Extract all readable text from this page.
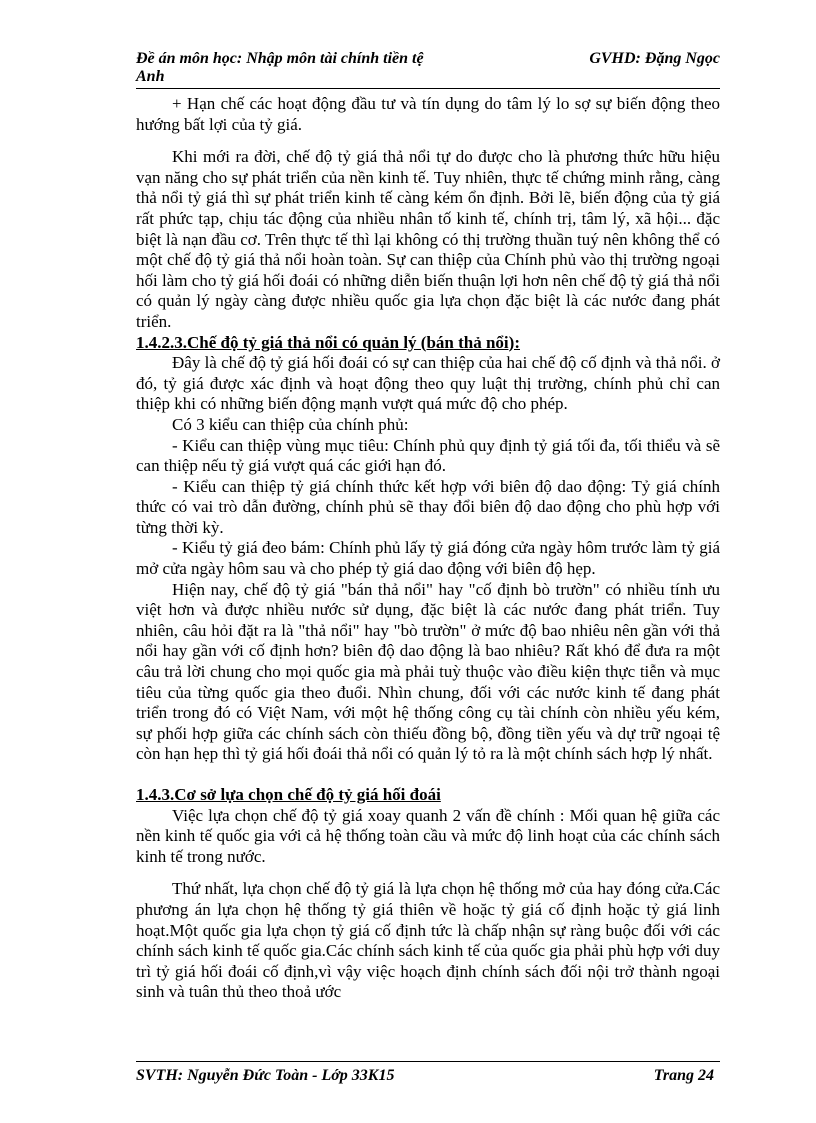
Đề án môn học: Nhập môn tài chính tiền tệ
Anh
GVHD: Đặng Ngọc

+ Hạn chế các hoạt động đầu tư và tín dụng do tâm lý lo sợ sự biến động theo hướng bất lợi của tỷ giá.

Khi mới ra đời, chế độ tỷ giá thả nổi tự do được cho là phương thức hữu hiệu vạn năng cho sự phát triển của nền kinh tế. Tuy nhiên, thực tế chứng minh rằng, càng thả nổi tỷ giá thì sự phát triển kinh tế càng kém ổn định. Bởi lẽ, biến động của tỷ giá rất phức tạp, chịu tác động của nhiều nhân tố kinh tế, chính trị, tâm lý, xã hội... đặc biệt là nạn đầu cơ. Trên thực tế thì lại không có thị trường thuần tuý nên không thể có một chế độ tỷ giá thả nổi hoàn toàn. Sự can thiệp của Chính phủ vào thị trường ngoại hối làm cho tỷ giá hối đoái có những diễn biến thuận lợi hơn nên chế độ tỷ giá thả nổi có quản lý ngày càng được nhiều quốc gia lựa chọn đặc biệt là các nước đang phát triển.

1.4.2.3.Chế độ tỷ giá thả nổi có quản lý (bán thả nổi):

Đây là chế độ tỷ giá hối đoái có sự can thiệp của hai chế độ cố định và thả nổi. ở đó, tỷ giá được xác định và hoạt động theo quy luật thị trường, chính phủ chỉ can thiệp khi có những biến động mạnh vượt quá mức độ cho phép.

Có 3 kiểu can thiệp của chính phủ:

- Kiểu can thiệp vùng mục tiêu: Chính phủ quy định tỷ giá tối đa, tối thiểu và sẽ can thiệp nếu tỷ giá vượt quá các giới hạn đó.

- Kiểu can thiệp tỷ giá chính thức kết hợp với biên độ dao động: Tỷ giá chính thức có vai trò dẫn đường, chính phủ sẽ thay đổi biên độ dao động cho phù hợp với từng thời kỳ.

- Kiểu tỷ giá đeo bám: Chính phủ lấy tỷ giá đóng cửa ngày hôm trước làm tỷ giá mở cửa ngày hôm sau và cho phép tỷ giá dao động với biên độ hẹp.

Hiện nay, chế độ tỷ giá "bán thả nổi" hay "cố định bò trườn" có nhiều tính ưu việt hơn và được nhiều nước sử dụng, đặc biệt là các nước đang phát triển. Tuy nhiên, câu hỏi đặt ra là "thả nổi" hay "bò trườn" ở mức độ bao nhiêu nên gần với thả nổi hay gần với cố định hơn? biên độ dao động là bao nhiêu? Rất khó để đưa ra một câu trả lời chung cho mọi quốc gia mà phải tuỳ thuộc vào điều kiện thực tiễn và mục tiêu của từng quốc gia theo đuổi. Nhìn chung, đối với các nước kinh tế đang phát triển trong đó có Việt Nam, với một hệ thống công cụ tài chính còn nhiều yếu kém, sự phối hợp giữa các chính sách còn thiếu đồng bộ, đồng tiền yếu và dự trữ ngoại tệ còn hạn hẹp thì tỷ giá hối đoái thả nổi có quản lý tỏ ra là một chính sách hợp lý nhất.

1.4.3.Cơ sở lựa chọn chế độ tỷ giá hối đoái

Việc lựa chọn chế độ tỷ giá xoay quanh 2 vấn đề chính : Mối quan hệ giữa các nền kinh tế quốc gia với cả hệ thống toàn cầu và mức độ linh hoạt của các chính sách kinh tế trong nước.

Thứ nhất, lựa chọn chế độ tỷ giá là lựa chọn hệ thống mở của hay đóng cửa.Các phương án lựa chọn hệ thống tỷ giá thiên về hoặc tỷ giá cố định hoặc tỷ giá linh hoạt.Một quốc gia lựa chọn tỷ giá cố định tức là chấp nhận sự ràng buộc đối với các chính sách kinh tế quốc gia.Các chính sách kinh tế của quốc gia phải phù hợp với duy trì tỷ giá hối đoái cố định,vì vậy việc hoạch định chính sách đối nội trở thành ngoại sinh và tuân thủ theo thoả ước

SVTH: Nguyễn Đức Toàn - Lớp 33K15	Trang 24
